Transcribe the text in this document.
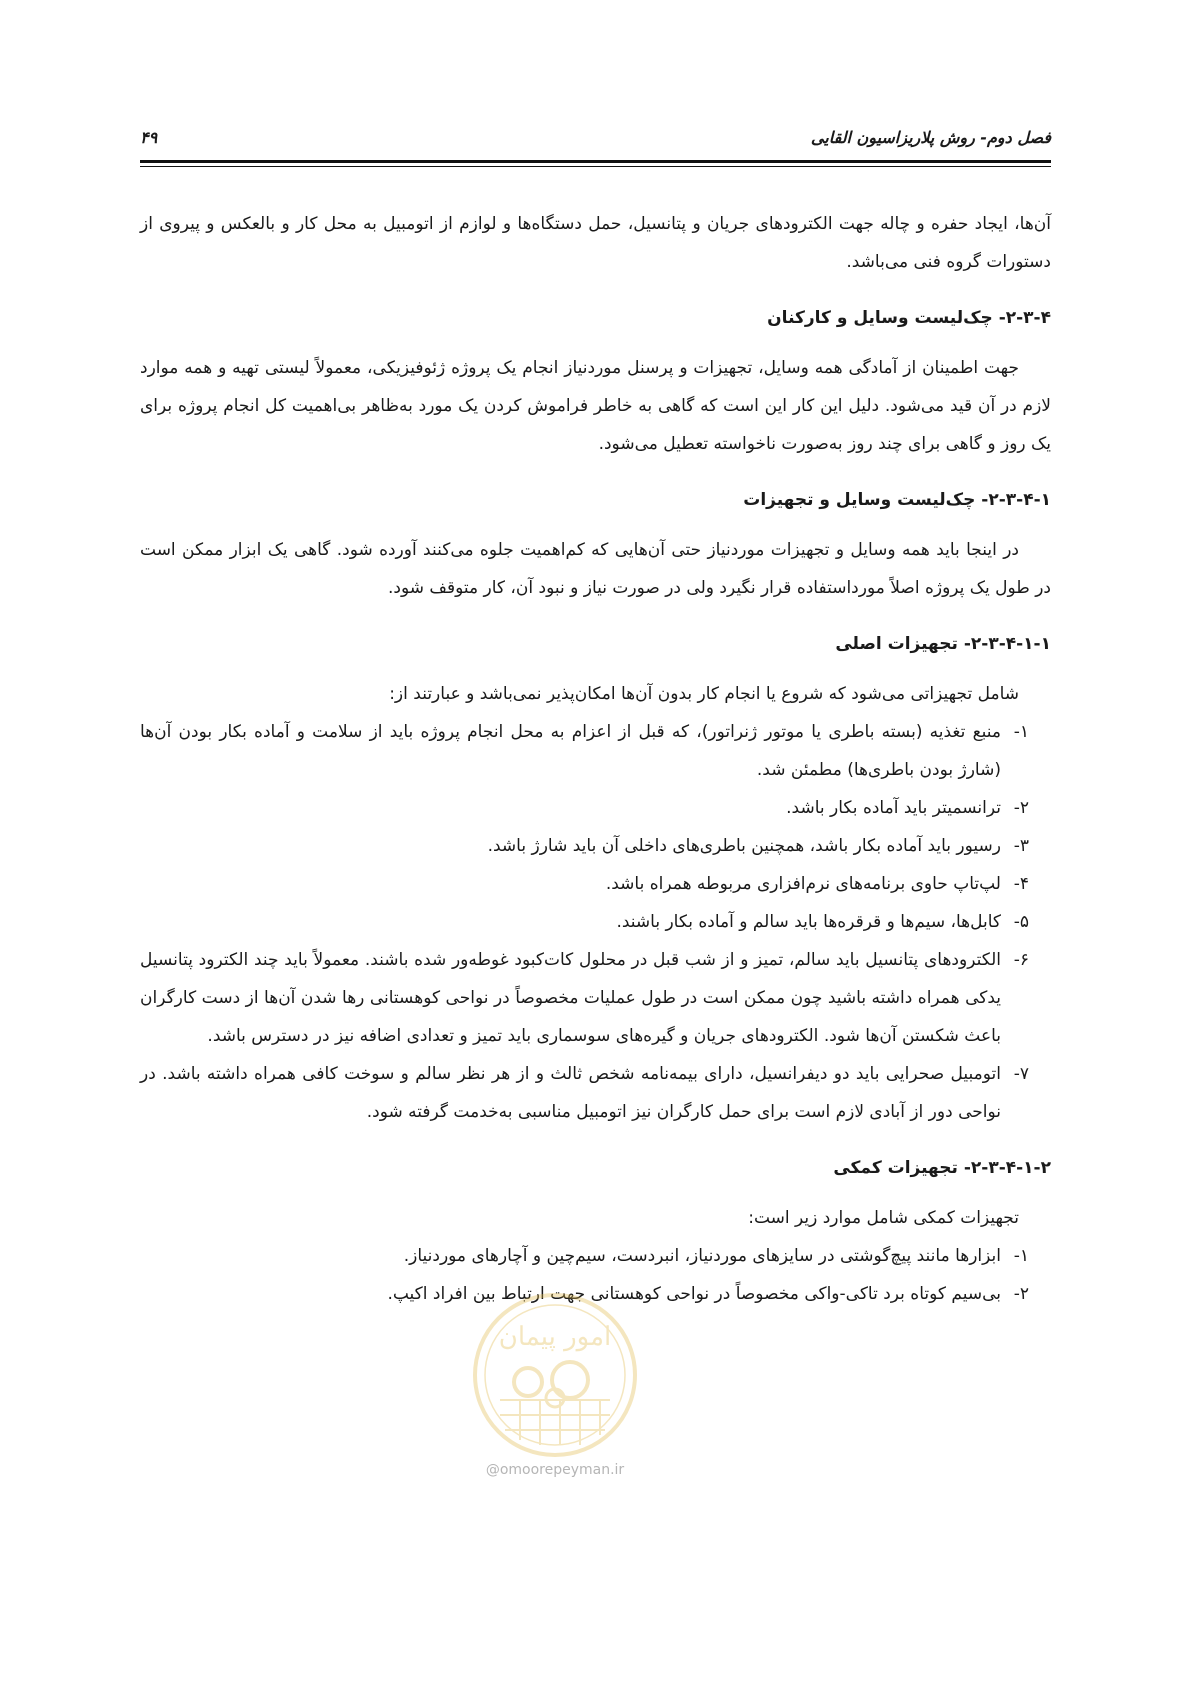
فصل دوم- روش پلاریزاسیون القایی
۴۹

آن‌ها، ایجاد حفره و چاله جهت الکترودهای جریان و پتانسیل، حمل دستگاه‌ها و لوازم از اتومبیل به محل کار و بالعکس و پیروی از دستورات گروه فنی می‌باشد.

۲-۳-۴- چک‌لیست وسایل و کارکنان

جهت اطمینان از آمادگی همه وسایل، تجهیزات و پرسنل موردنیاز انجام یک پروژه ژئوفیزیکی، معمولاً لیستی تهیه و همه موارد لازم در آن قید می‌شود. دلیل این کار این است که گاهی به خاطر فراموش کردن یک مورد به‌ظاهر بی‌اهمیت کل انجام پروژه برای یک روز و گاهی برای چند روز به‌صورت ناخواسته تعطیل می‌شود.

۲-۳-۴-۱- چک‌لیست وسایل و تجهیزات

در اینجا باید همه وسایل و تجهیزات موردنیاز حتی آن‌هایی که کم‌اهمیت جلوه می‌کنند آورده شود. گاهی یک ابزار ممکن است در طول یک پروژه اصلاً مورداستفاده قرار نگیرد ولی در صورت نیاز و نبود آن، کار متوقف شود.

۲-۳-۴-۱-۱- تجهیزات اصلی

شامل تجهیزاتی می‌شود که شروع یا انجام کار بدون آن‌ها امکان‌پذیر نمی‌باشد و عبارتند از:

۱-
منبع تغذیه (بسته باطری یا موتور ژنراتور)، که قبل از اعزام به محل انجام پروژه باید از سلامت و آماده بکار بودن آن‌ها (شارژ بودن باطری‌ها) مطمئن شد.
۲-
ترانسمیتر باید آماده بکار باشد.
۳-
رسیور باید آماده بکار باشد، همچنین باطری‌های داخلی آن باید شارژ باشد.
۴-
لپ‌تاپ حاوی برنامه‌های نرم‌افزاری مربوطه همراه باشد.
۵-
کابل‌ها، سیم‌ها و قرقره‌ها باید سالم و آماده بکار باشند.
۶-
الکترودهای پتانسیل باید سالم، تمیز و از شب قبل در محلول کات‌کبود غوطه‌ور شده باشند. معمولاً باید چند الکترود پتانسیل یدکی همراه داشته باشید چون ممکن است در طول عملیات مخصوصاً در نواحی کوهستانی رها شدن آن‌ها از دست کارگران باعث شکستن آن‌ها شود. الکترودهای جریان و گیره‌های سوسماری باید تمیز و تعدادی اضافه نیز در دسترس باشد.
۷-
اتومبیل صحرایی باید دو دیفرانسیل، دارای بیمه‌نامه شخص ثالث و از هر نظر سالم و سوخت کافی همراه داشته باشد. در نواحی دور از آبادی لازم است برای حمل کارگران نیز اتومبیل مناسبی به‌خدمت گرفته شود.
۲-۳-۴-۱-۲- تجهیزات کمکی

تجهیزات کمکی شامل موارد زیر است:

۱-
ابزارها مانند پیچ‌گوشتی در سایزهای موردنیاز، انبردست، سیم‌چین و آچارهای موردنیاز.
۲-
بی‌سیم کوتاه برد تاکی-واکی مخصوصاً در نواحی کوهستانی جهت ارتباط بین افراد اکیپ.
امور پیمان
@omoorepeyman.ir
